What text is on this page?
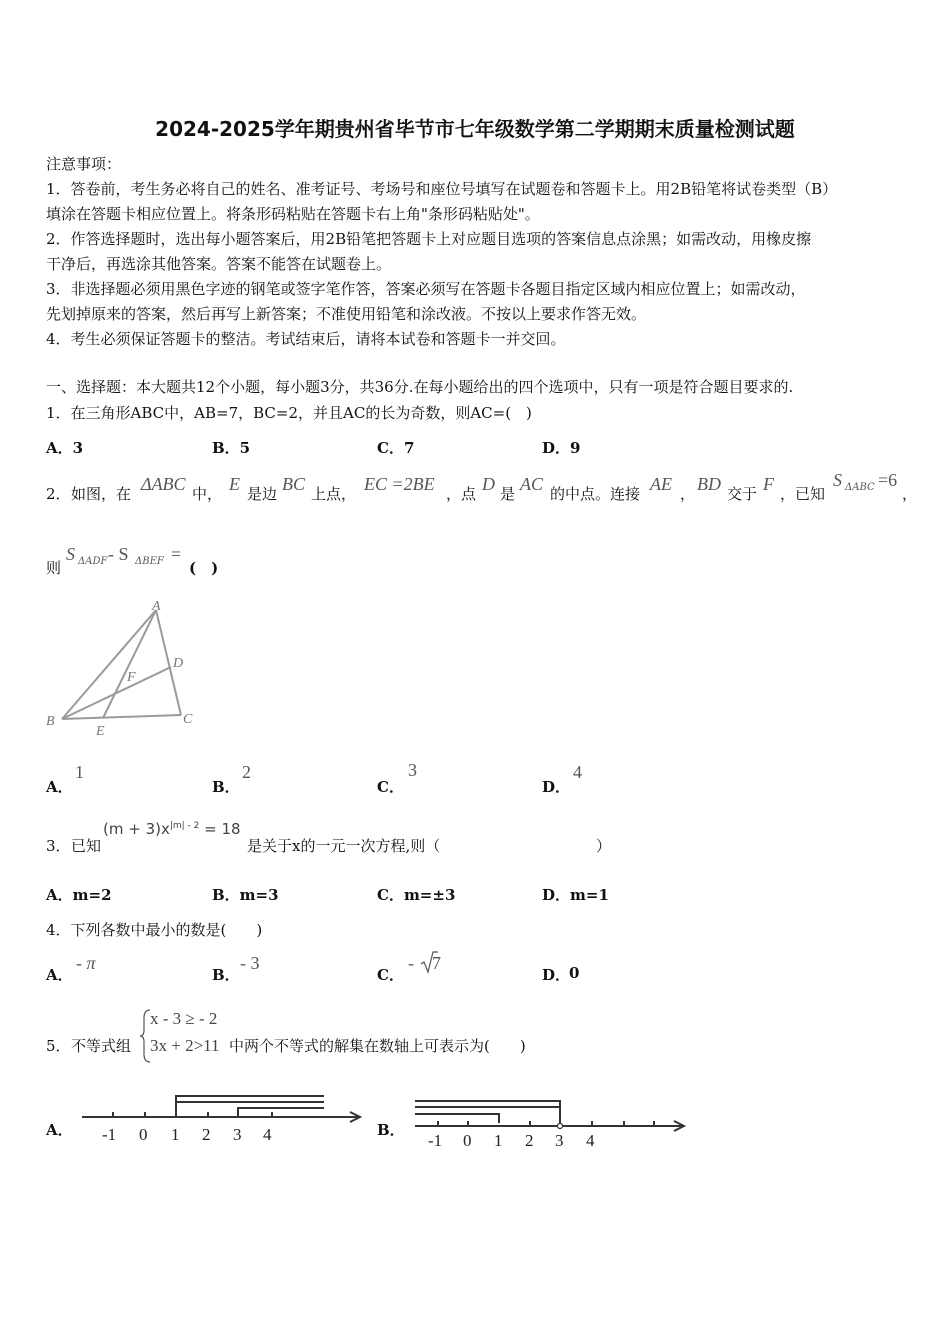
2024-2025学年期贵州省毕节市七年级数学第二学期期末质量检测试题
注意事项：
1．答卷前，考生务必将自己的姓名、准考证号、考场号和座位号填写在试题卷和答题卡上。用2B铅笔将试卷类型（B）
填涂在答题卡相应位置上。将条形码粘贴在答题卡右上角"条形码粘贴处"。
2．作答选择题时，选出每小题答案后，用2B铅笔把答题卡上对应题目选项的答案信息点涂黑；如需改动，用橡皮擦
干净后，再选涂其他答案。答案不能答在试题卷上。
3．非选择题必须用黑色字迹的钢笔或签字笔作答，答案必须写在答题卡各题目指定区域内相应位置上；如需改动，
先划掉原来的答案，然后再写上新答案；不准使用铅笔和涂改液。不按以上要求作答无效。
4．考生必须保证答题卡的整洁。考试结束后，请将本试卷和答题卡一并交回。
一、选择题：本大题共12个小题，每小题3分，共36分.在每小题给出的四个选项中，只有一项是符合题目要求的.
1．在三角形ABC中，AB=7，BC=2，并且AC的长为奇数，则AC=(　)
A．3	B．5	C．7	D．9
2． 如图，在 ΔABC 中， E 是边 BC 上点， EC =2BE ，点 D 是 AC 的中点。连接 AE ， BD 交于 F ，已知
S ΔABC =6
，
则
S ΔADF - S ΔBEF =
(　)
A
B	C
D
E
F
A．
1
B．
2
C．
3
D．
4
3． 已知
$(m + 3)x^{|m| - 2} = 18$
是关于x的一元一次方程,则（	）
A．m=2	B．m=3	C．m=±3	D．m=1
4．下列各数中最小的数是(　　)
A．
- π
B．
- 3
C．
- 7
D．
0
5． 不等式组
x - 3 ≥ - 2
3x + 2>11 中两个不等式的解集在数轴上可表示为(　　)
A． -1 0 1 2 3 4	B．
-1 0 1 2 3 4
